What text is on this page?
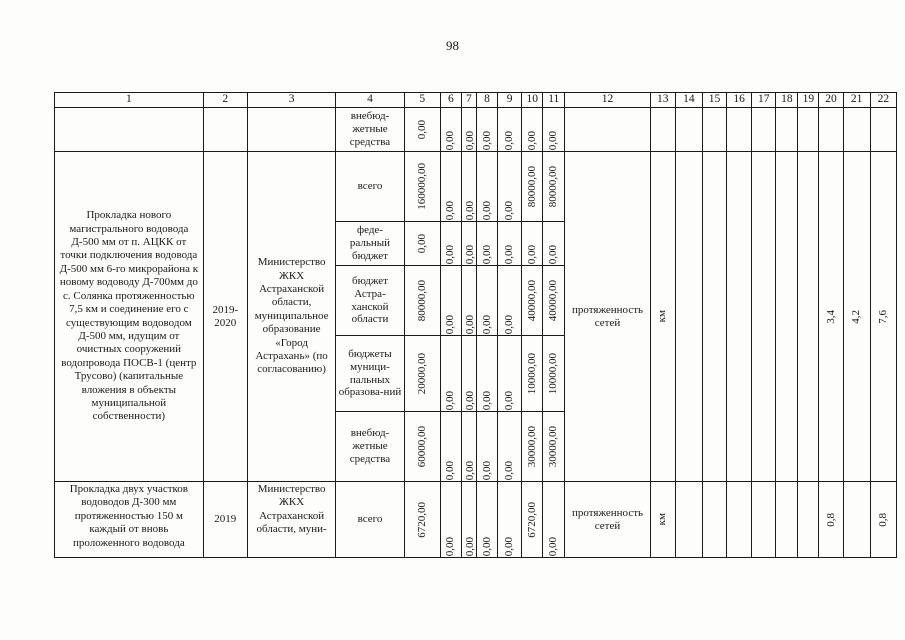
98
1	2	3	4	5	6	7	8	9	10	11	12	13	14	15	16	17	18	19	20	21	22
			внебюд-жетные средства	0,00	0,00	0,00	0,00	0,00	0,00	0,00											

Прокладка нового магистрального водовода Д-500 мм от п. АЦКК от точки подключения водовода Д-500 мм 6-го микрорайона к новому водоводу Д-700мм до с. Солянка протяженностью 7,5 км и соединение его с существующим водоводом Д-500 мм, идущим от очистных сооружений водопровода ПОСВ-1 (центр Трусово) (капитальные вложения в объекты муниципальной собственности)	2019-2020	Министерство ЖКХ Астраханской области, муниципальное образование «Город Астрахань» (по согласованию)	всего	160000,00	0,00	0,00	0,00	0,00	80000,00	80000,00	протяженность сетей	км							3,4	4,2	7,6

			феде-ральный бюджет	0,00	0,00	0,00	0,00	0,00	0,00	0,00											

			бюджет Астра-ханской области	80000,00	0,00	0,00	0,00	0,00	40000,00	40000,00											

			бюджеты муници-пальных образова-ний	20000,00	0,00	0,00	0,00	0,00	10000,00	10000,00											

			внебюд-жетные средства	60000,00	0,00	0,00	0,00	0,00	30000,00	30000,00											

Прокладка двух участков водоводов Д-300 мм протяженностью 150 м каждый от вновь проложенного водовода	2019	Министерство ЖКХ Астраханской области, муни-	всего	6720,00	0,00	0,00	0,00	0,00	6720,00	0,00	протяженность сетей	км							0,8		0,8
